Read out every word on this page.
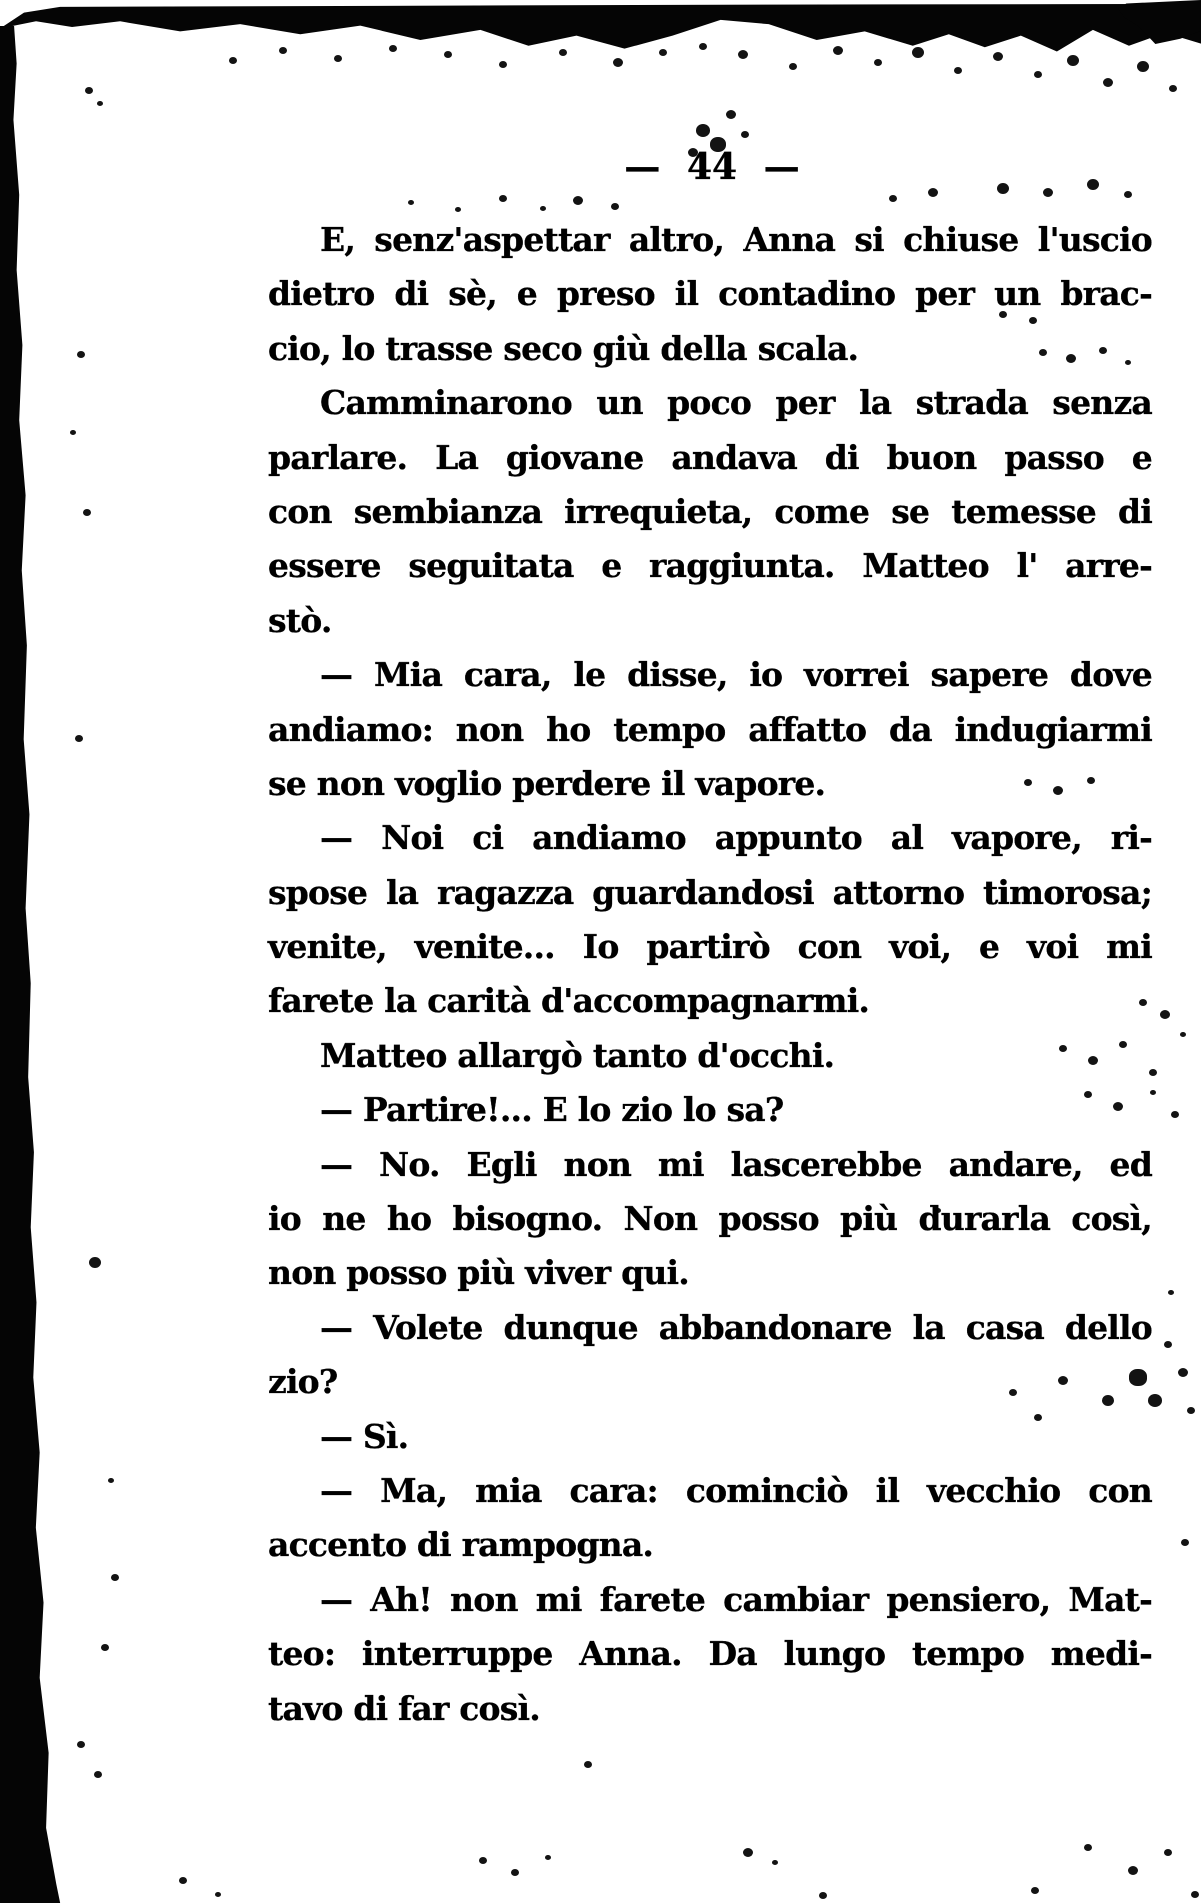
— 44 —
E, senz'aspettar altro, Anna si chiuse l'uscio
dietro di sè, e preso il contadino per un brac-
cio, lo trasse seco giù della scala.
Camminarono un poco per la strada senza
parlare. La giovane andava di buon passo e
con sembianza irrequieta, come se temesse di
essere seguitata e raggiunta. Matteo l' arre-
stò.
— Mia cara, le disse, io vorrei sapere dove
andiamo: non ho tempo affatto da indugiarmi
se non voglio perdere il vapore.
— Noi ci andiamo appunto al vapore, ri-
spose la ragazza guardandosi attorno timorosa;
venite, venite... Io partirò con voi, e voi mi
farete la carità d'accompagnarmi.
Matteo allargò tanto d'occhi.
— Partire!... E lo zio lo sa?
— No. Egli non mi lascerebbe andare, ed
io ne ho bisogno. Non posso più durarla così,
non posso più viver qui.
— Volete dunque abbandonare la casa dello
zio?
— Sì.
— Ma, mia cara: cominciò il vecchio con
accento di rampogna.
— Ah! non mi farete cambiar pensiero, Mat-
teo: interruppe Anna. Da lungo tempo medi-
tavo di far così.
